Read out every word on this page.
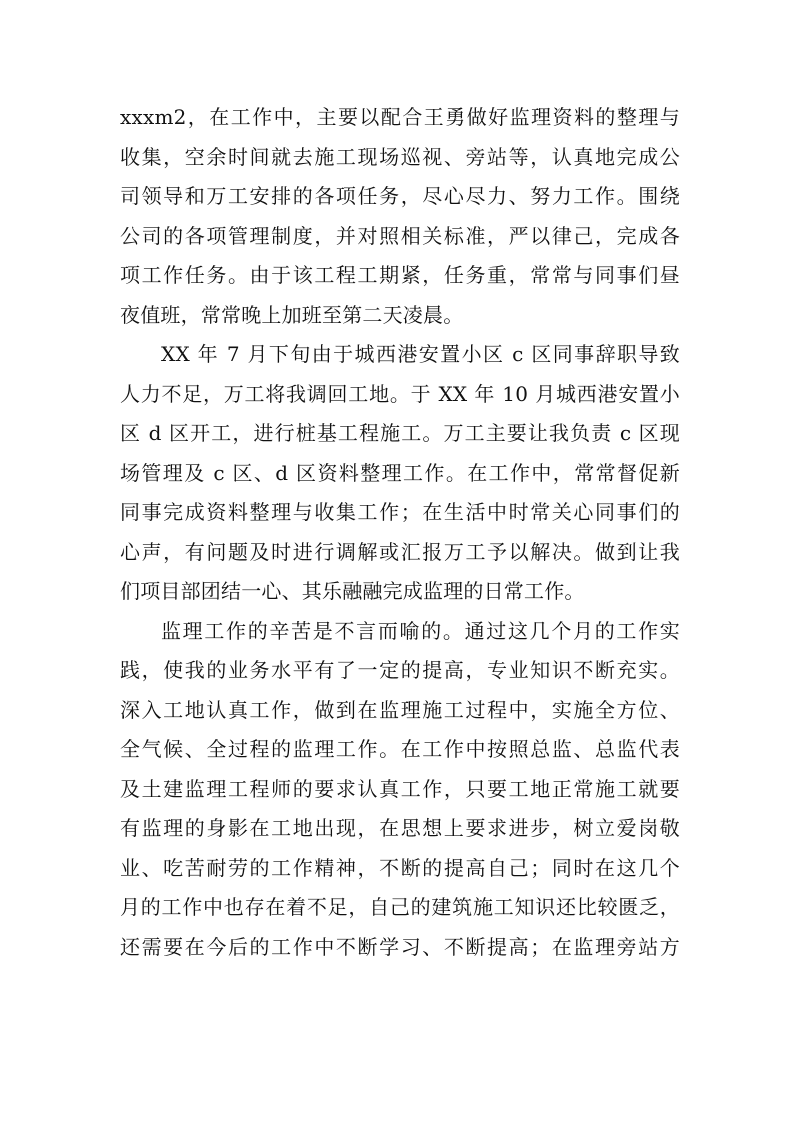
xxxm2，在工作中，主要以配合王勇做好监理资料的整理与
收集，空余时间就去施工现场巡视、旁站等，认真地完成公
司领导和万工安排的各项任务，尽心尽力、努力工作。围绕
公司的各项管理制度，并对照相关标准，严以律己，完成各
项工作任务。由于该工程工期紧，任务重，常常与同事们昼
夜值班，常常晚上加班至第二天凌晨。
XX 年 7 月下旬由于城西港安置小区 c 区同事辞职导致
人力不足，万工将我调回工地。于 XX 年 10 月城西港安置小
区 d 区开工，进行桩基工程施工。万工主要让我负责 c 区现
场管理及 c 区、d 区资料整理工作。在工作中，常常督促新
同事完成资料整理与收集工作；在生活中时常关心同事们的
心声，有问题及时进行调解或汇报万工予以解决。做到让我
们项目部团结一心、其乐融融完成监理的日常工作。
监理工作的辛苦是不言而喻的。通过这几个月的工作实
践，使我的业务水平有了一定的提高，专业知识不断充实。
深入工地认真工作，做到在监理施工过程中，实施全方位、
全气候、全过程的监理工作。在工作中按照总监、总监代表
及土建监理工程师的要求认真工作，只要工地正常施工就要
有监理的身影在工地出现，在思想上要求进步，树立爱岗敬
业、吃苦耐劳的工作精神，不断的提高自己；同时在这几个
月的工作中也存在着不足，自己的建筑施工知识还比较匮乏，
还需要在今后的工作中不断学习、不断提高；在监理旁站方
